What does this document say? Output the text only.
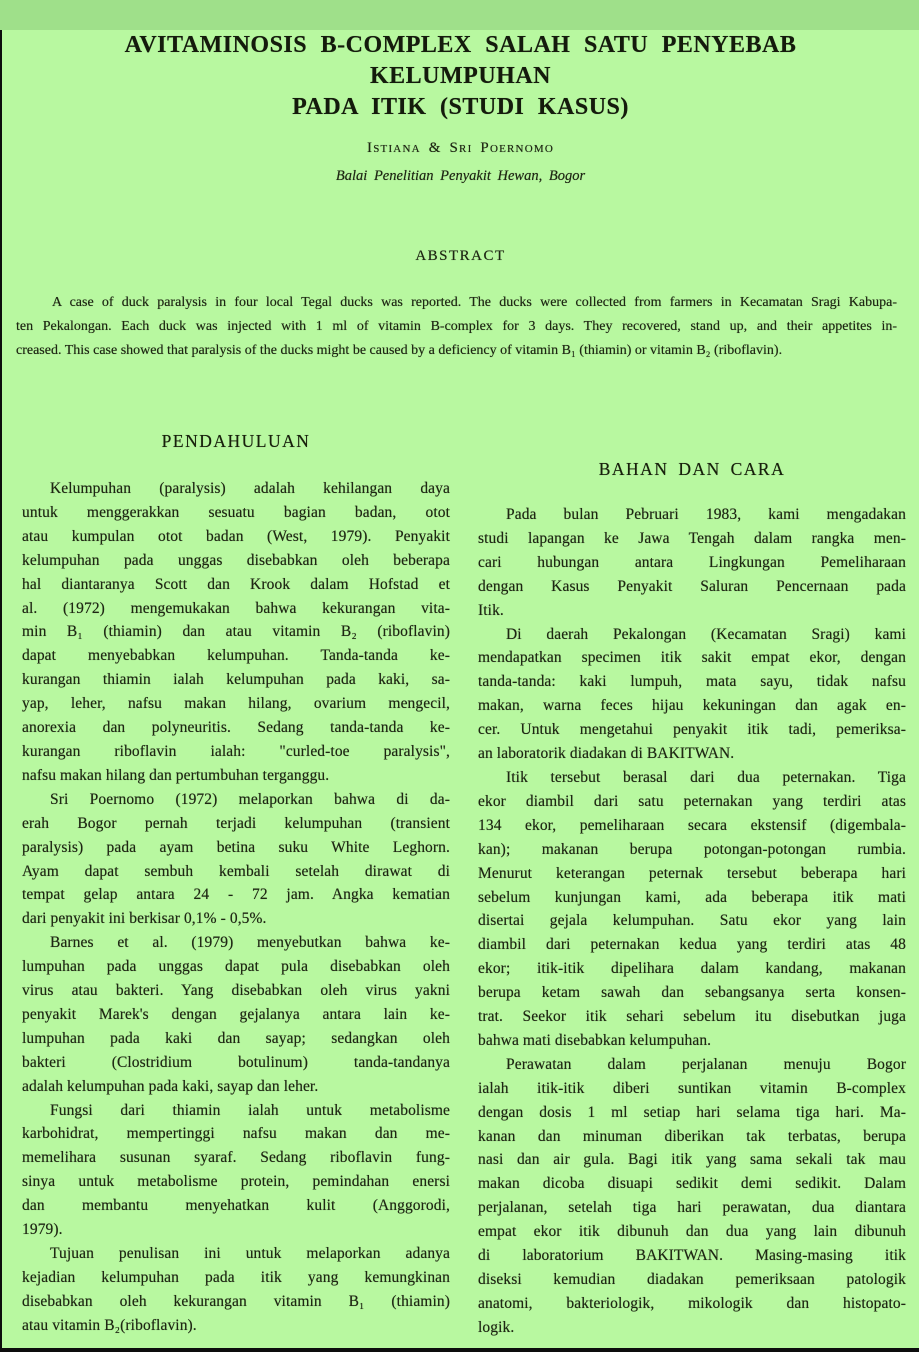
AVITAMINOSIS B-COMPLEX SALAH SATU PENYEBAB KELUMPUHAN
PADA ITIK (STUDI KASUS)
Istiana & Sri Poernomo
Balai Penelitian Penyakit Hewan, Bogor
ABSTRACT
A case of duck paralysis in four local Tegal ducks was reported. The ducks were collected from farmers in Kecamatan Sragi Kabupa-
ten Pekalongan. Each duck was injected with 1 ml of vitamin B-complex for 3 days. They recovered, stand up, and their appetites in-
creased. This case showed that paralysis of the ducks might be caused by a deficiency of vitamin B₁ (thiamin) or vitamin B₂ (riboflavin).
PENDAHULUAN
Kelumpuhan (paralysis) adalah kehilangan daya
untuk menggerakkan sesuatu bagian badan, otot
atau kumpulan otot badan (West, 1979). Penyakit
kelumpuhan pada unggas disebabkan oleh beberapa
hal diantaranya Scott dan Krook dalam Hofstad et
al. (1972) mengemukakan bahwa kekurangan vita-
min B₁ (thiamin) dan atau vitamin B₂ (riboflavin)
dapat menyebabkan kelumpuhan. Tanda-tanda ke-
kurangan thiamin ialah kelumpuhan pada kaki, sa-
yap, leher, nafsu makan hilang, ovarium mengecil,
anorexia dan polyneuritis. Sedang tanda-tanda ke-
kurangan riboflavin ialah: "curled-toe paralysis",
nafsu makan hilang dan pertumbuhan terganggu.
Sri Poernomo (1972) melaporkan bahwa di da-
erah Bogor pernah terjadi kelumpuhan (transient
paralysis) pada ayam betina suku White Leghorn.
Ayam dapat sembuh kembali setelah dirawat di
tempat gelap antara 24 - 72 jam. Angka kematian
dari penyakit ini berkisar 0,1% - 0,5%.
Barnes et al. (1979) menyebutkan bahwa ke-
lumpuhan pada unggas dapat pula disebabkan oleh
virus atau bakteri. Yang disebabkan oleh virus yakni
penyakit Marek's dengan gejalanya antara lain ke-
lumpuhan pada kaki dan sayap; sedangkan oleh
bakteri (Clostridium botulinum) tanda-tandanya
adalah kelumpuhan pada kaki, sayap dan leher.
Fungsi dari thiamin ialah untuk metabolisme
karbohidrat, mempertinggi nafsu makan dan me-
memelihara susunan syaraf. Sedang riboflavin fung-
sinya untuk metabolisme protein, pemindahan enersi
dan membantu menyehatkan kulit (Anggorodi,
1979).
Tujuan penulisan ini untuk melaporkan adanya
kejadian kelumpuhan pada itik yang kemungkinan
disebabkan oleh kekurangan vitamin B₁ (thiamin)
atau vitamin B₂(riboflavin).
BAHAN DAN CARA
Pada bulan Pebruari 1983, kami mengadakan
studi lapangan ke Jawa Tengah dalam rangka men-
cari hubungan antara Lingkungan Pemeliharaan
dengan Kasus Penyakit Saluran Pencernaan pada
Itik.
Di daerah Pekalongan (Kecamatan Sragi) kami
mendapatkan specimen itik sakit empat ekor, dengan
tanda-tanda: kaki lumpuh, mata sayu, tidak nafsu
makan, warna feces hijau kekuningan dan agak en-
cer. Untuk mengetahui penyakit itik tadi, pemeriksa-
an laboratorik diadakan di BAKITWAN.
Itik tersebut berasal dari dua peternakan. Tiga
ekor diambil dari satu peternakan yang terdiri atas
134 ekor, pemeliharaan secara ekstensif (digembala-
kan); makanan berupa potongan-potongan rumbia.
Menurut keterangan peternak tersebut beberapa hari
sebelum kunjungan kami, ada beberapa itik mati
disertai gejala kelumpuhan. Satu ekor yang lain
diambil dari peternakan kedua yang terdiri atas 48
ekor; itik-itik dipelihara dalam kandang, makanan
berupa ketam sawah dan sebangsanya serta konsen-
trat. Seekor itik sehari sebelum itu disebutkan juga
bahwa mati disebabkan kelumpuhan.
Perawatan dalam perjalanan menuju Bogor
ialah itik-itik diberi suntikan vitamin B-complex
dengan dosis 1 ml setiap hari selama tiga hari. Ma-
kanan dan minuman diberikan tak terbatas, berupa
nasi dan air gula. Bagi itik yang sama sekali tak mau
makan dicoba disuapi sedikit demi sedikit. Dalam
perjalanan, setelah tiga hari perawatan, dua diantara
empat ekor itik dibunuh dan dua yang lain dibunuh
di laboratorium BAKITWAN. Masing-masing itik
diseksi kemudian diadakan pemeriksaan patologik
anatomi, bakteriologik, mikologik dan histopato-
logik.
